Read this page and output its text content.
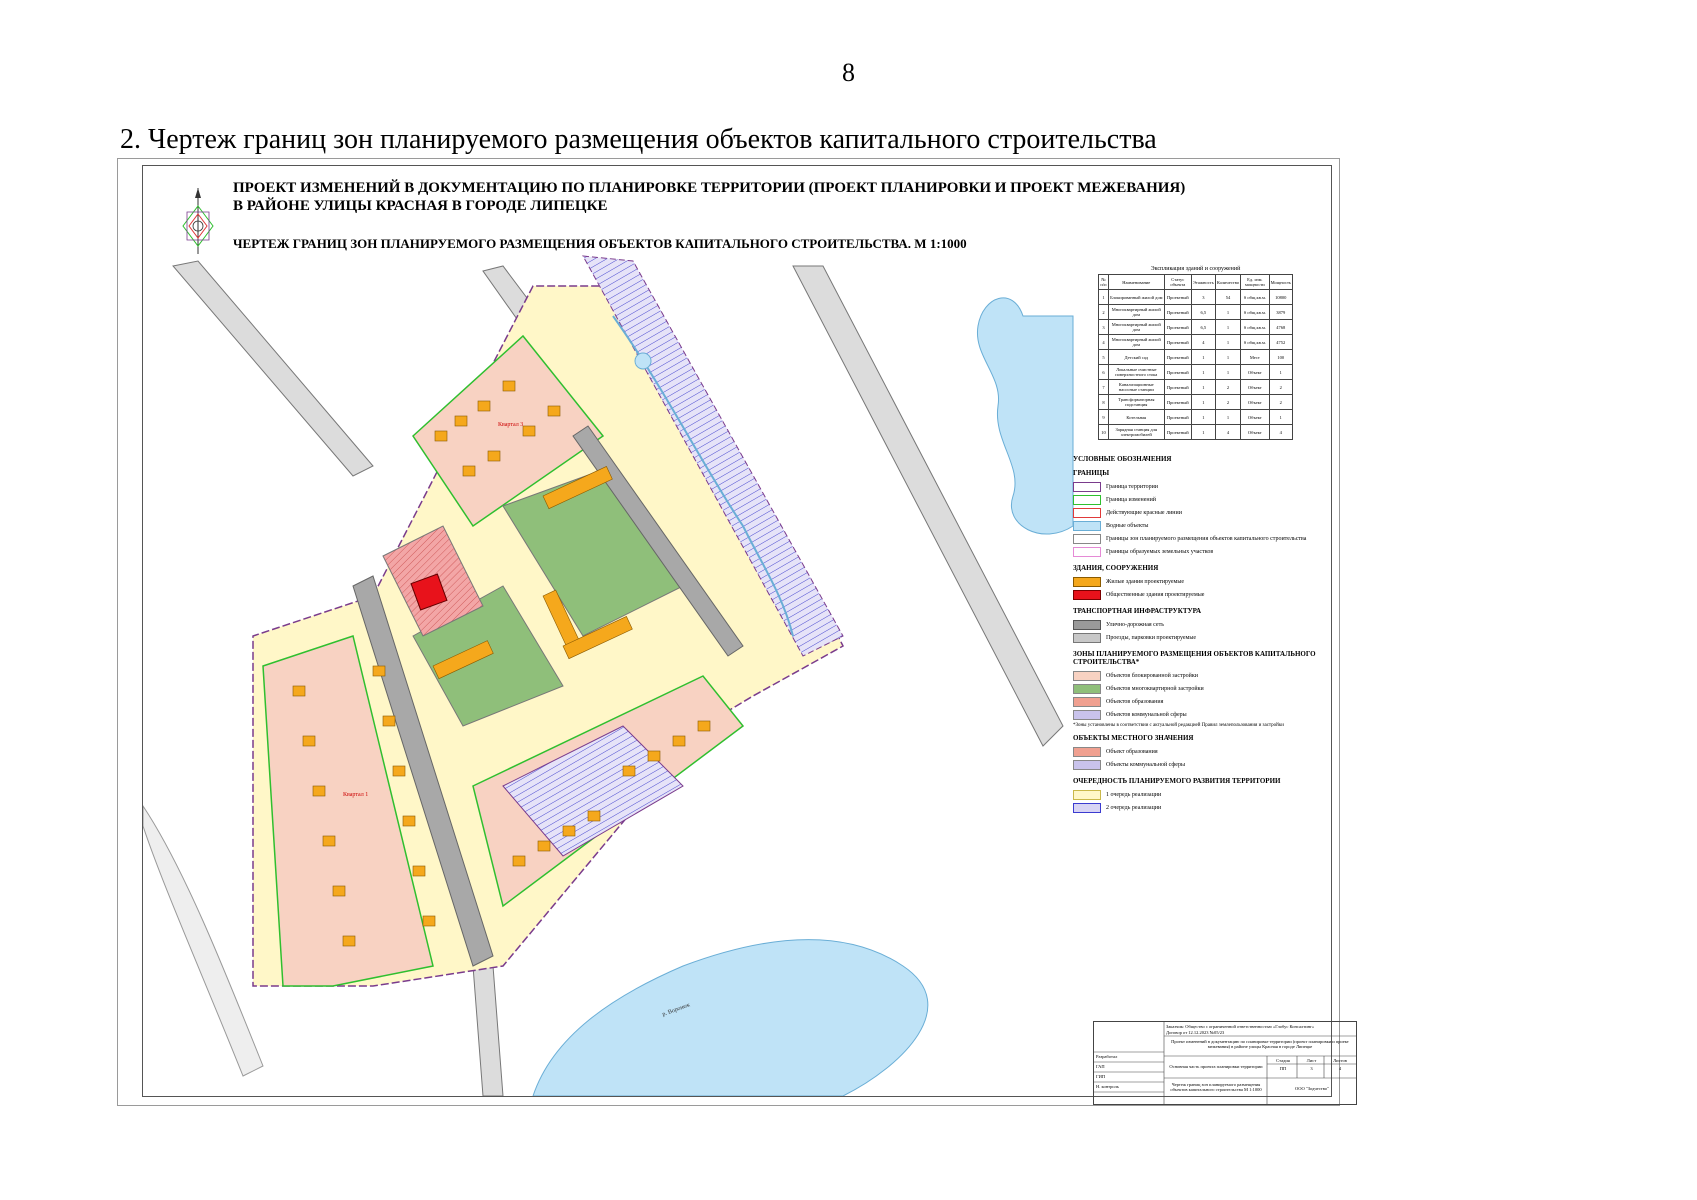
8
2. Чертеж границ зон планируемого размещения объектов капитального строительства
ПРОЕКТ ИЗМЕНЕНИЙ В ДОКУМЕНТАЦИЮ ПО ПЛАНИРОВКЕ ТЕРРИТОРИИ (ПРОЕКТ ПЛАНИРОВКИ И ПРОЕКТ МЕЖЕВАНИЯ)
В РАЙОНЕ УЛИЦЫ КРАСНАЯ В ГОРОДЕ ЛИПЕЦКЕ
ЧЕРТЕЖ ГРАНИЦ ЗОН ПЛАНИРУЕМОГО РАЗМЕЩЕНИЯ ОБЪЕКТОВ КАПИТАЛЬНОГО СТРОИТЕЛЬСТВА. М 1:1000
Квартал 3
Квартал 1
р. Воронеж
Экспликация зданий и сооружений
№ п/п	Наименование	Статус объекта	Этажность	Количество	Ед. изм. мощности	Мощность
1	Блокированный жилой дом	Проектный	3	54	S общ.кв.м.	10800
2	Многоквартирный жилой дом	Проектный	6,5	1	S общ.кв.м.	3879
3	Многоквартирный жилой дом	Проектный	6,5	1	S общ.кв.м.	4768
4	Многоквартирный жилой дом	Проектный	4	1	S общ.кв.м.	4752
5	Детский сад	Проектный	1	1	Мест	100
6	Локальные очистные поверхностного стока	Проектный	1	1	Объект	1
7	Канализационные насосные станции	Проектный	1	2	Объект	2
8	Трансформаторная подстанция	Проектный	1	2	Объект	2
9	Котельная	Проектный	1	1	Объект	1
10	Зарядная станция для электромобилей	Проектный	1	4	Объект	4
УСЛОВНЫЕ ОБОЗНАЧЕНИЯ
ГРАНИЦЫ
Граница территории
Граница изменений
Действующие красные линии
Водные объекты
Границы зон планируемого размещения объектов капитального строительства
Границы образуемых земельных участков
ЗДАНИЯ, СООРУЖЕНИЯ
Жилые здания проектируемые
Общественные здания проектируемые
ТРАНСПОРТНАЯ ИНФРАСТРУКТУРА
Улично-дорожная сеть
Проезды, парковки проектируемые
ЗОНЫ ПЛАНИРУЕМОГО РАЗМЕЩЕНИЯ ОБЪЕКТОВ КАПИТАЛЬНОГО СТРОИТЕЛЬСТВА*
Объектов блокированной застройки
Объектов многоквартирной застройки
Объектов образования
Объектов коммунальной сферы
*Зоны установлены в соответствии с актуальной редакцией Правил землепользования и застройки
ОБЪЕКТЫ МЕСТНОГО ЗНАЧЕНИЯ
Объект образования
Объекты коммунальной сферы
ОЧЕРЕДНОСТЬ ПЛАНИРУЕМОГО РАЗВИТИЯ ТЕРРИТОРИИ
1 очередь реализации
2 очередь реализации
Заказчик: Общество с ограниченной ответственностью «Глобус Консалтинг»
Договор от 12.12.2023 №05/23
Проект изменений в документацию по планировке территории (проект планировки и проект межевания) в районе улицы Красная в городе Липецке
Основная часть проекта планировки территории
Стадия	Лист	Листов
ПП	3	4
Чертеж границ зон планируемого размещения объектов капитального строительства М 1:1000	ООО "Зодчество"
Разработал
ГАП
ГИП
Н. контроль
